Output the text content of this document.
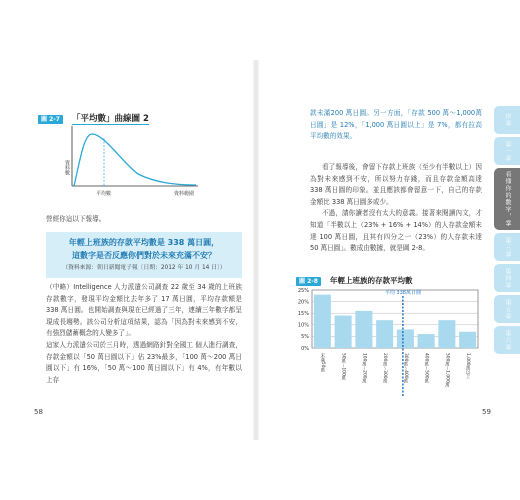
圖 2-7 「平均數」曲線圖 2
資料數
平均數	資料範圍
營經你這以下報導。
年輕上班族的存款平均數是 338 萬日圓，
這數字是否反應你們對於未來充滿不安？
（資料來源：朝日新聞電子報〔日期：2012 年 10 月 14 日〕）

（中略）Intelligence 人力派遣公司調查 22 歲至 34 歲的上班族存款數字，發現平均金額比去年多了 17 萬日圓，平均存款額是 338 萬日圓。也開始調查與現在已經過了三年，連續三年數字都呈現成長趨勢。該公司分析這項結果，認為「因為對未來感到不安，有強烈儲蓄概念的人變多了」。

這家人力派遣公司於三月時，透過網路針對全國工 個人進行調查，存款金額以「50 萬日圓以下」佔 23%最多，「100 萬～200 萬日圓以下」有 16%，「50 萬～100 萬日圓以下」有 4%，有年數以上存

58
款未滿200 萬日圓。另一方面，「存款 500 萬～1,000萬日圓」是 12%，「1,000 萬日圓以上」是 7%，都有拉高平均數的效果。

看了報導後，會留下存款上班族（至少有半數以上）因為對未來感到不安，所以努力存錢，而且存款金額高達 338 萬日圓的印象。並且應該都會留意一下，自己的存款金額比 338 萬日圓多或少。

不過，請你讀者沒有太大的意義。接著來閱讀內文，才知道「半數以上（23% + 16% + 14%）的人存款金額未達 100 萬日圓，且其有四分之一（23%）的人存款未達 50 萬日圓」。數成由數據，就是圖 2-8。

圖 2-8 年輕上班族的存款平均數
0%
5%
10%
15%
20%
25%
未滿50萬	50萬～100萬	100萬～200萬	200萬～300萬	300萬～400萬	400萬～500萬	500萬～1,000萬	1,000萬以上
平均 338萬日圓
59
序章
第一章
看懂你的數字，掌握你的未來
第三章
第四章
第五章
第六章
